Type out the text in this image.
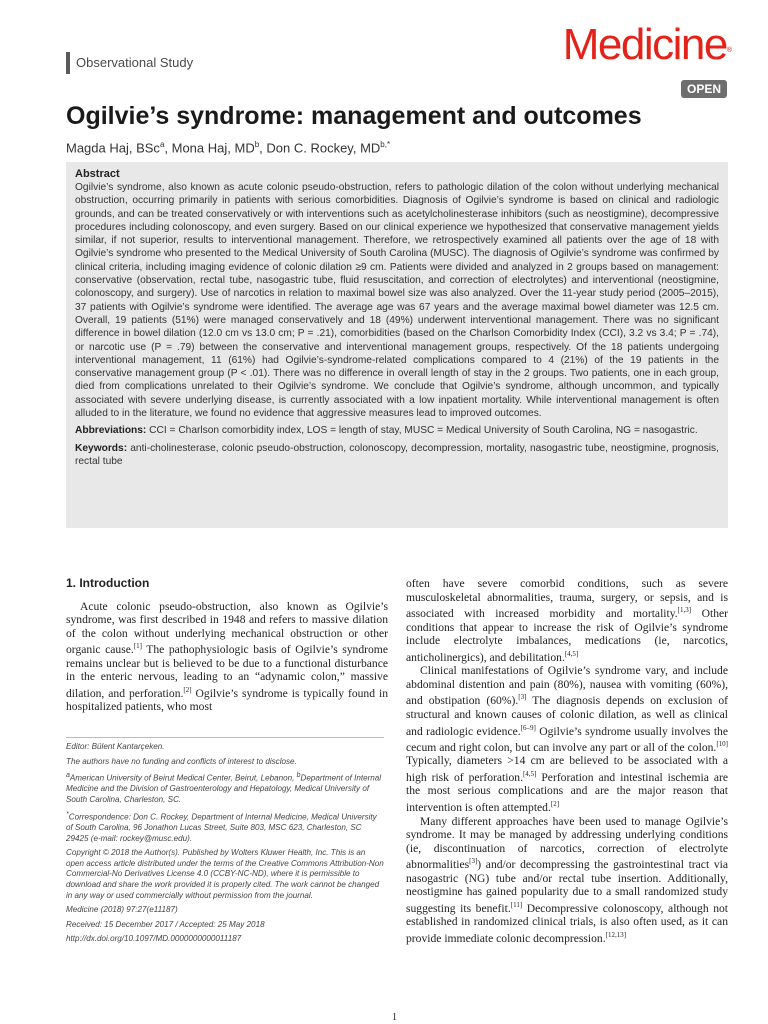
Observational Study	Medicine®
OPEN
Ogilvie’s syndrome: management and outcomes
Magda Haj, BSc$^a$, Mona Haj, $MD^b$, Don C. Rockey, $MD^{b,*}$
Abstract

Ogilvie’s syndrome, also known as acute colonic pseudo-obstruction, refers to pathologic dilation of the colon without underlying mechanical obstruction, occurring primarily in patients with serious comorbidities. Diagnosis of Ogilvie’s syndrome is based on clinical and radiologic grounds, and can be treated conservatively or with interventions such as acetylcholinesterase inhibitors (such as neostigmine), decompressive procedures including colonoscopy, and even surgery. Based on our clinical experience we hypothesized that conservative management yields similar, if not superior, results to interventional management. Therefore, we retrospectively examined all patients over the age of 18 with Ogilvie’s syndrome who presented to the Medical University of South Carolina (MUSC). The diagnosis of Ogilvie’s syndrome was confirmed by clinical criteria, including imaging evidence of colonic dilation ≥9 cm. Patients were divided and analyzed in 2 groups based on management: conservative (observation, rectal tube, nasogastric tube, fluid resuscitation, and correction of electrolytes) and interventional (neostigmine, colonoscopy, and surgery). Use of narcotics in relation to maximal bowel size was also analyzed. Over the 11-year study period (2005–2015), 37 patients with Ogilvie’s syndrome were identified. The average age was 67 years and the average maximal bowel diameter was 12.5 cm. Overall, 19 patients (51%) were managed conservatively and 18 (49%) underwent interventional management. There was no significant difference in bowel dilation (12.0 cm vs 13.0 cm; P = .21), comorbidities (based on the Charlson Comorbidity Index (CCI), 3.2 vs 3.4; P = .74), or narcotic use (P = .79) between the conservative and interventional management groups, respectively. Of the 18 patients undergoing interventional management, 11 (61%) had Ogilvie’s-syndrome-related complications compared to 4 (21%) of the 19 patients in the conservative management group (P < .01). There was no difference in overall length of stay in the 2 groups. Two patients, one in each group, died from complications unrelated to their Ogilvie’s syndrome. We conclude that Ogilvie’s syndrome, although uncommon, and typically associated with severe underlying disease, is currently associated with a low inpatient mortality. While interventional management is often alluded to in the literature, we found no evidence that aggressive measures lead to improved outcomes.

Abbreviations: CCI = Charlson comorbidity index, LOS = length of stay, MUSC = Medical University of South Carolina, NG = nasogastric.

Keywords: anti-cholinesterase, colonic pseudo-obstruction, colonoscopy, decompression, mortality, nasogastric tube, neostigmine, prognosis, rectal tube

1. Introduction

Acute colonic pseudo-obstruction, also known as Ogilvie’s syndrome, was first described in 1948 and refers to massive dilation of the colon without underlying mechanical obstruction or other organic cause.[1] The pathophysiologic basis of Ogilvie’s syndrome remains unclear but is believed to be due to a functional disturbance in the enteric nervous, leading to an “adynamic colon,” massive dilation, and perforation.[2] Ogilvie’s syndrome is typically found in hospitalized patients, who most

Editor: Bülent Kantarçeken.

The authors have no funding and conflicts of interest to disclose.

$^a$American University of Beirut Medical Center, Beirut, Lebanon, $^b$Department of Internal Medicine and the Division of Gastroenterology and Hepatology, Medical University of South Carolina, Charleston, SC.

*Correspondence: Don C. Rockey, Department of Internal Medicine, Medical University of South Carolina, 96 Jonathon Lucas Street, Suite 803, MSC 623, Charleston, SC 29425 (e-mail: rockey@musc.edu).

Copyright © 2018 the Author(s). Published by Wolters Kluwer Health, Inc. This is an open access article distributed under the terms of the Creative Commons Attribution-Non Commercial-No Derivatives License 4.0 (CCBY-NC-ND), where it is permissible to download and share the work provided it is properly cited. The work cannot be changed in any way or used commercially without permission from the journal.

Medicine (2018) 97:27(e11187)

Received: 15 December 2017 / Accepted: 25 May 2018

http://dx.doi.org/10.1097/MD.0000000000011187

often have severe comorbid conditions, such as severe musculoskeletal abnormalities, trauma, surgery, or sepsis, and is associated with increased morbidity and mortality.[1,3] Other conditions that appear to increase the risk of Ogilvie’s syndrome include electrolyte imbalances, medications (ie, narcotics, anticholinergics), and debilitation.[4,5]

Clinical manifestations of Ogilvie’s syndrome vary, and include abdominal distention and pain (80%), nausea with vomiting (60%), and obstipation (60%).[3] The diagnosis depends on exclusion of structural and known causes of colonic dilation, as well as clinical and radiologic evidence.[6–9] Ogilvie’s syndrome usually involves the cecum and right colon, but can involve any part or all of the colon.[10] Typically, diameters >14 cm are believed to be associated with a high risk of perforation.[4,5] Perforation and intestinal ischemia are the most serious complications and are the major reason that intervention is often attempted.[2]

Many different approaches have been used to manage Ogilvie’s syndrome. It may be managed by addressing underlying conditions (ie, discontinuation of narcotics, correction of electrolyte abnormalities[3]) and/or decompressing the gastrointestinal tract via nasogastric (NG) tube and/or rectal tube insertion. Additionally, neostigmine has gained popularity due to a small randomized study suggesting its benefit.[11] Decompressive colonoscopy, although not established in randomized clinical trials, is also often used, as it can provide immediate colonic decompression.[12,13]

1
